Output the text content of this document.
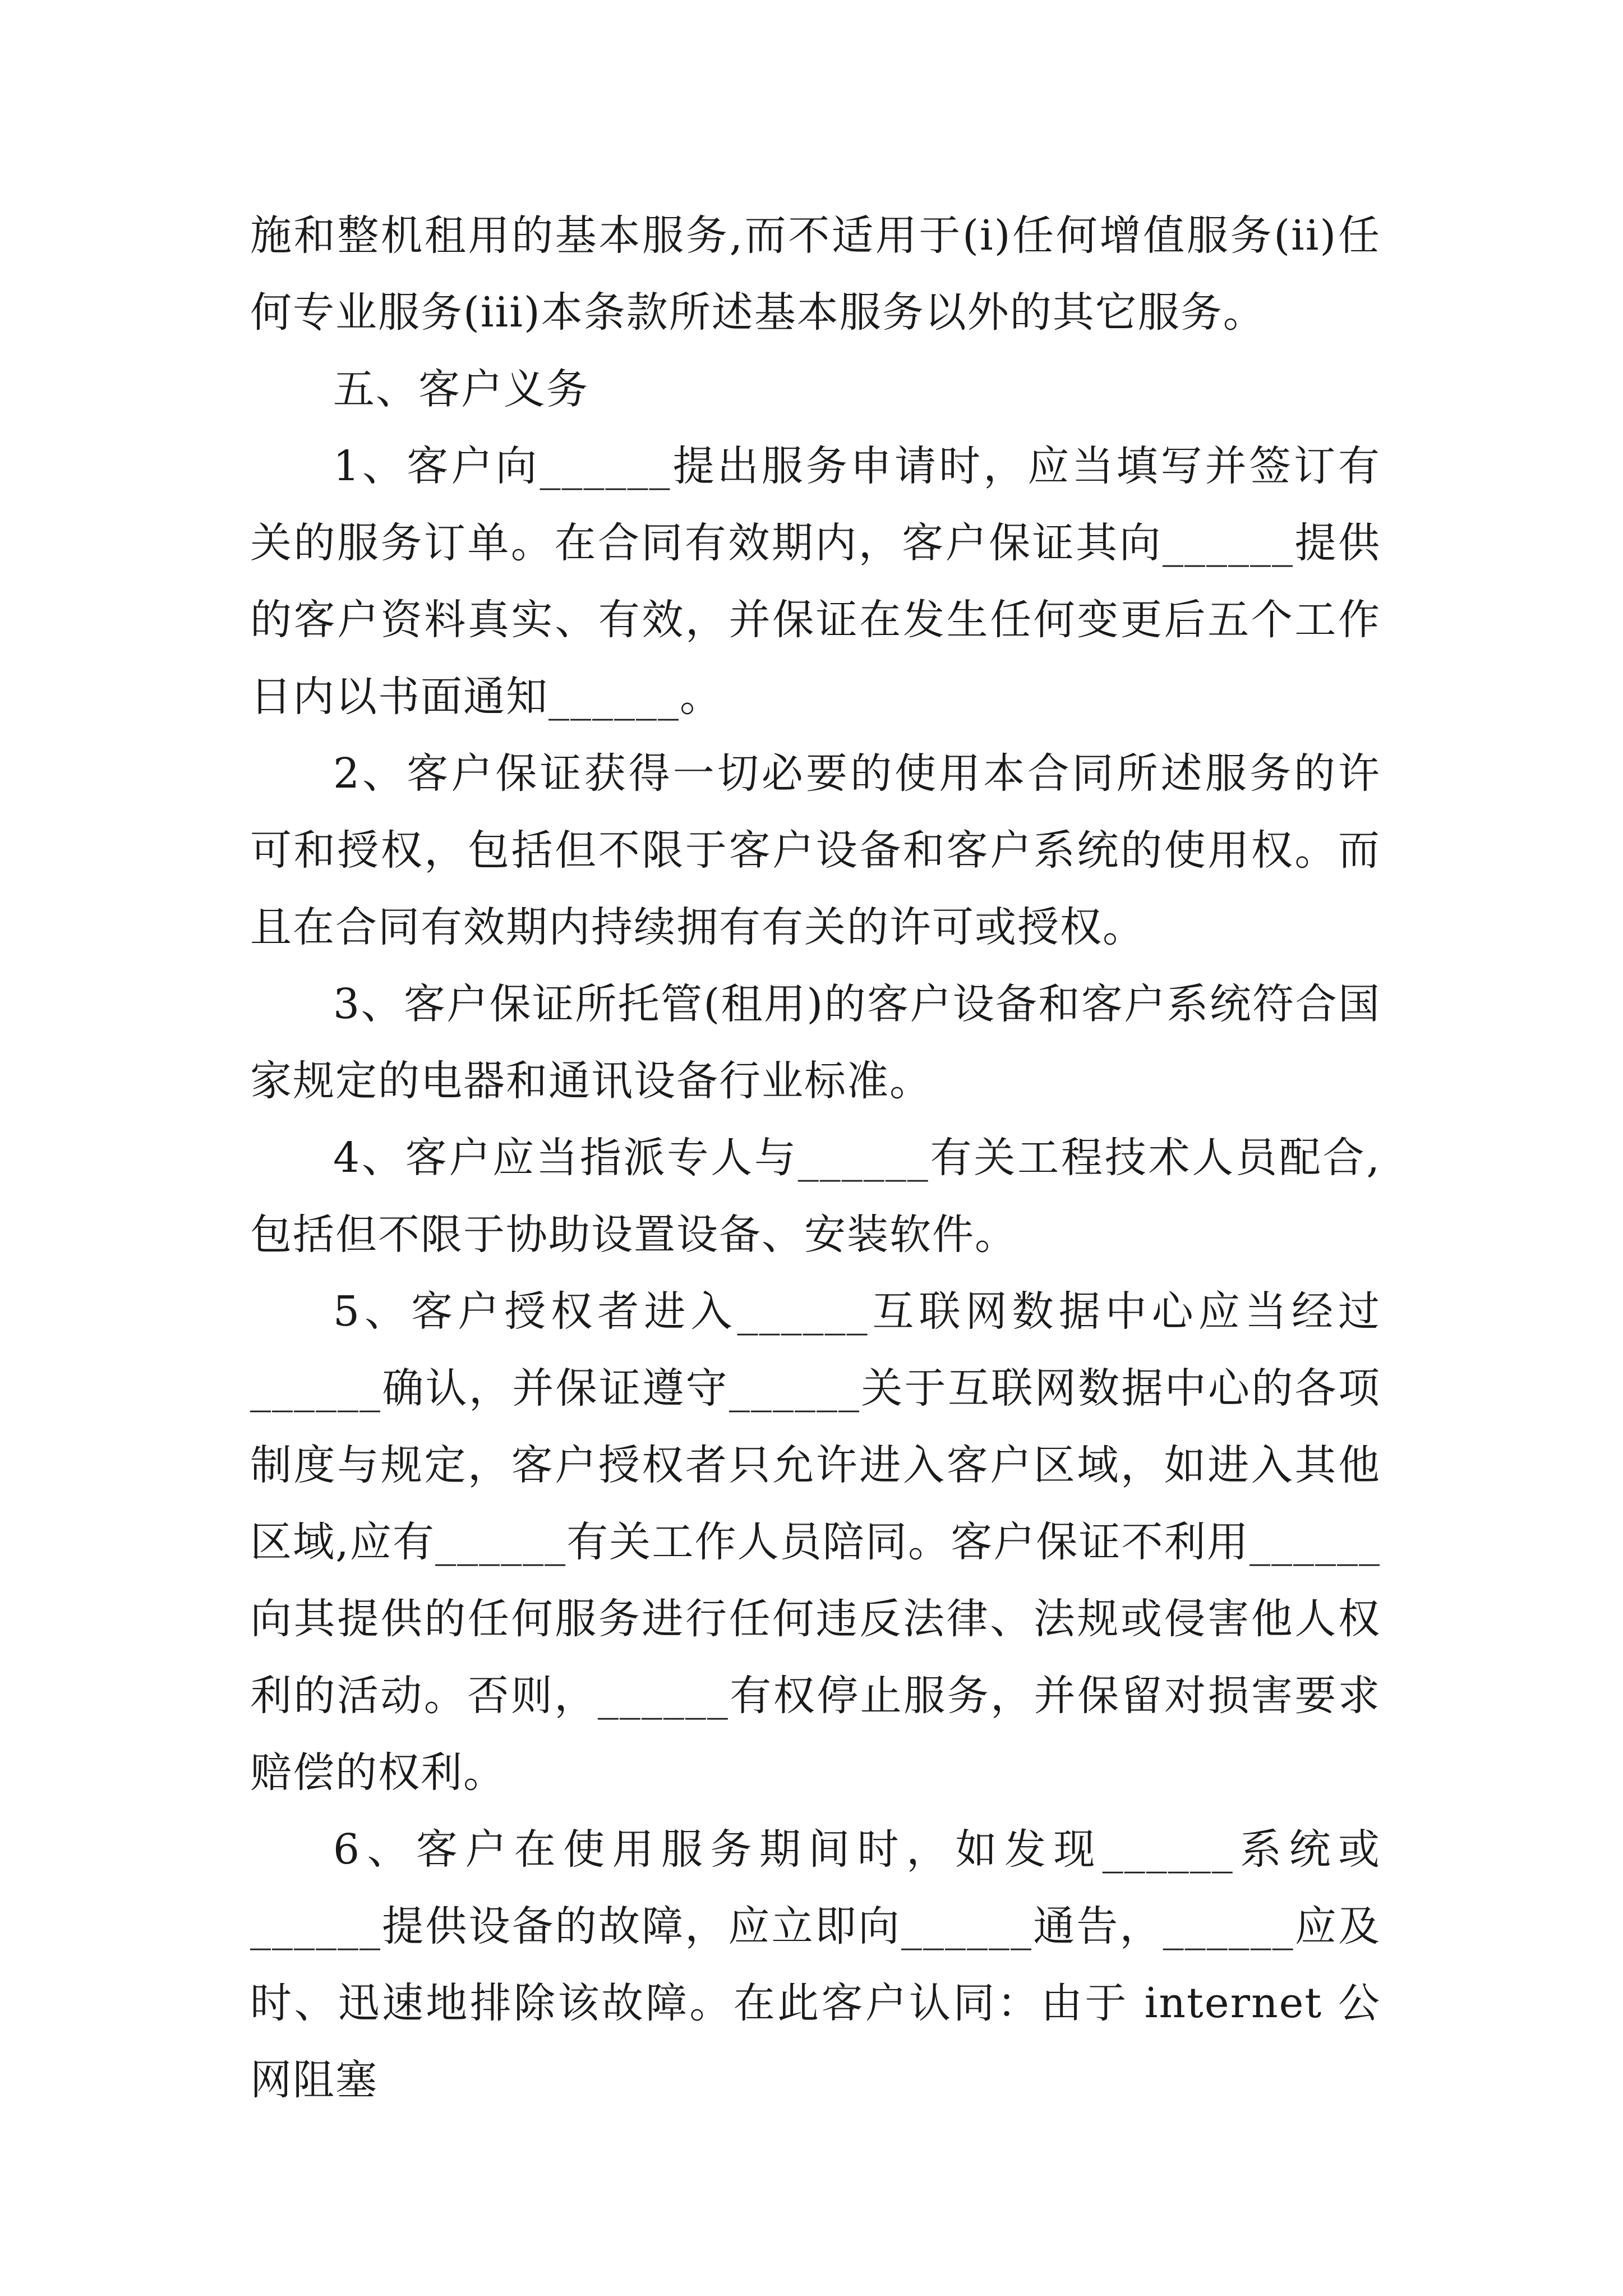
施和整机租用的基本服务,而不适用于(i)任何增值服务(ii)任何专业服务(iii)本条款所述基本服务以外的其它服务。

五、客户义务

1、客户向______提出服务申请时，应当填写并签订有关的服务订单。在合同有效期内，客户保证其向______提供的客户资料真实、有效，并保证在发生任何变更后五个工作日内以书面通知______。

2、客户保证获得一切必要的使用本合同所述服务的许可和授权，包括但不限于客户设备和客户系统的使用权。而且在合同有效期内持续拥有有关的许可或授权。

3、客户保证所托管(租用)的客户设备和客户系统符合国家规定的电器和通讯设备行业标准。

4、客户应当指派专人与______有关工程技术人员配合,包括但不限于协助设置设备、安装软件。

5、客户授权者进入______互联网数据中心应当经过______确认，并保证遵守______关于互联网数据中心的各项制度与规定，客户授权者只允许进入客户区域，如进入其他区域,应有______有关工作人员陪同。客户保证不利用______向其提供的任何服务进行任何违反法律、法规或侵害他人权利的活动。否则，______有权停止服务，并保留对损害要求赔偿的权利。

6、客户在使用服务期间时，如发现______系统或______提供设备的故障，应立即向______通告，______应及时、迅速地排除该故障。在此客户认同：由于 internet 公网阻塞
